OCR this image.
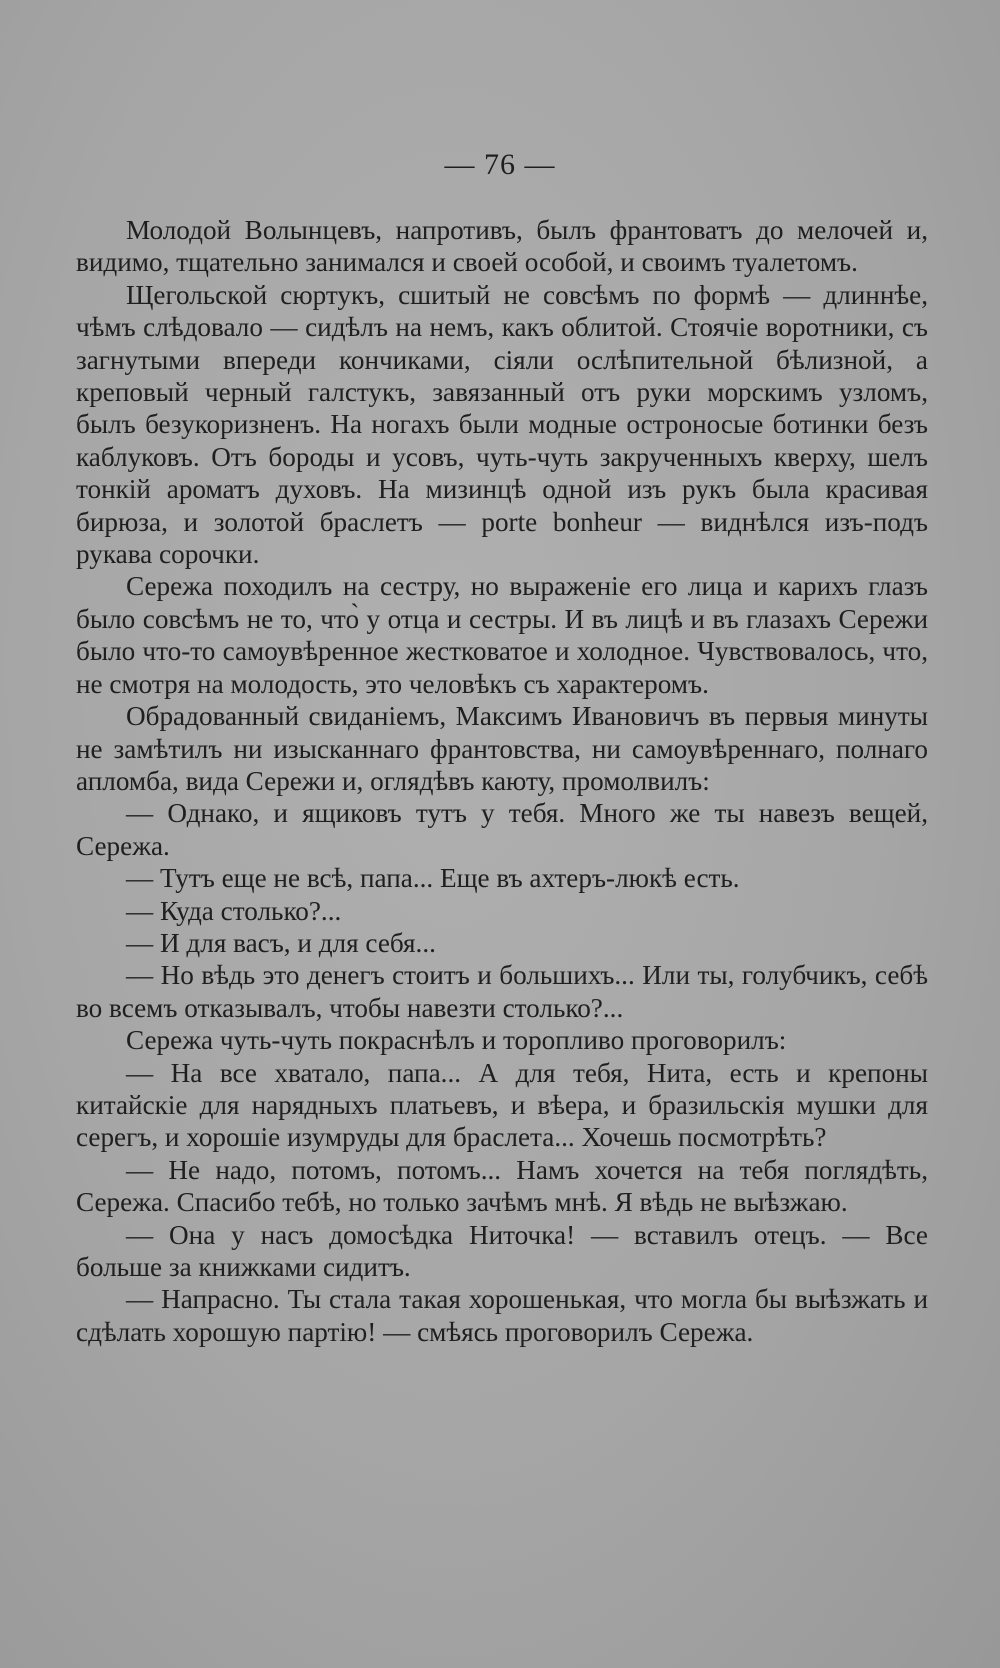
— 76 —

Молодой Волынцевъ, напротивъ, былъ франтоватъ до мелочей и, видимо, тщательно занимался и своей особой, и своимъ туалетомъ.

Щегольской сюртукъ, сшитый не совсѣмъ по формѣ — длиннѣе, чѣмъ слѣдовало — сидѣлъ на немъ, какъ облитой. Стоячіе воротники, съ загнутыми впереди кончиками, сіяли ослѣпительной бѣлизной, а креповый черный галстукъ, завязанный отъ руки морскимъ узломъ, былъ безукоризненъ. На ногахъ были модные остроносые ботинки безъ каблуковъ. Отъ бороды и усовъ, чуть-чуть закрученныхъ кверху, шелъ тонкій ароматъ духовъ. На мизинцѣ одной изъ рукъ была красивая бирюза, и золотой браслетъ — porte bonheur — виднѣлся изъ-подъ рукава сорочки.

Сережа походилъ на сестру, но выраженіе его лица и карихъ глазъ было совсѣмъ не то, что̀ у отца и сестры. И въ лицѣ и въ глазахъ Сережи было что-то самоувѣренное жестковатое и холодное. Чувствовалось, что, не смотря на молодость, это человѣкъ съ характеромъ.

Обрадованный свиданіемъ, Максимъ Ивановичъ въ первыя минуты не замѣтилъ ни изысканнаго франтовства, ни самоувѣреннаго, полнаго апломба, вида Сережи и, оглядѣвъ каюту, промолвилъ:

— Однако, и ящиковъ тутъ у тебя. Много же ты навезъ вещей, Сережа.

— Тутъ еще не всѣ, папа... Еще въ ахтеръ-люкѣ есть.

— Куда столько?...

— И для васъ, и для себя...

— Но вѣдь это денегъ стоитъ и большихъ... Или ты, голубчикъ, себѣ во всемъ отказывалъ, чтобы навезти столько?...

Сережа чуть-чуть покраснѣлъ и торопливо проговорилъ:

— На все хватало, папа... А для тебя, Нита, есть и крепоны китайскіе для нарядныхъ платьевъ, и вѣера, и бразильскія мушки для серегъ, и хорошіе изумруды для браслета... Хочешь посмотрѣть?

— Не надо, потомъ, потомъ... Намъ хочется на тебя поглядѣть, Сережа. Спасибо тебѣ, но только зачѣмъ мнѣ. Я вѣдь не выѣзжаю.

— Она у насъ домосѣдка Ниточка! — вставилъ отецъ. — Все больше за книжками сидитъ.

— Напрасно. Ты стала такая хорошенькая, что могла бы выѣзжать и сдѣлать хорошую партію! — смѣясь проговорилъ Сережа.
